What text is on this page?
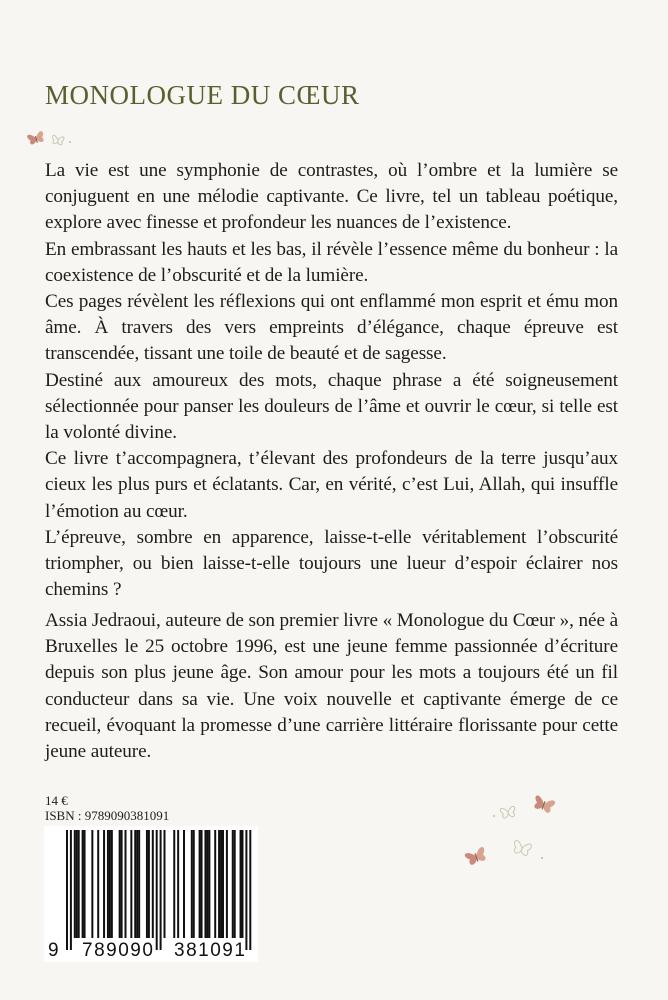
MONOLOGUE DU CŒUR

La vie est une symphonie de contrastes, où l’ombre et la lumière se conjuguent en une mélodie captivante. Ce livre, tel un tableau poétique, explore avec finesse et profondeur les nuances de l’existence.

En embrassant les hauts et les bas, il révèle l’essence même du bonheur : la coexistence de l’obscurité et de la lumière.

Ces pages révèlent les réflexions qui ont enflammé mon esprit et ému mon âme. À travers des vers empreints d’élégance, chaque épreuve est transcendée, tissant une toile de beauté et de sagesse.

Destiné aux amoureux des mots, chaque phrase a été soigneusement sélectionnée pour panser les douleurs de l’âme et ouvrir le cœur, si telle est la volonté divine.

Ce livre t’accompagnera, t’élevant des profondeurs de la terre jusqu’aux cieux les plus purs et éclatants. Car, en vérité, c’est Lui, Allah, qui insuffle l’émotion au cœur.

L’épreuve, sombre en apparence, laisse-t-elle véritablement l’obscurité triompher, ou bien laisse-t-elle toujours une lueur d’espoir éclairer nos chemins ?

Assia Jedraoui, auteure de son premier livre « Monologue du Cœur », née à Bruxelles le 25 octobre 1996, est une jeune femme passionnée d’écriture depuis son plus jeune âge. Son amour pour les mots a toujours été un fil conducteur dans sa vie. Une voix nouvelle et captivante émerge de ce recueil, évoquant la promesse d’une carrière littéraire florissante pour cette jeune auteure.

14 €
ISBN : 9789090381091
9 789090 381091
